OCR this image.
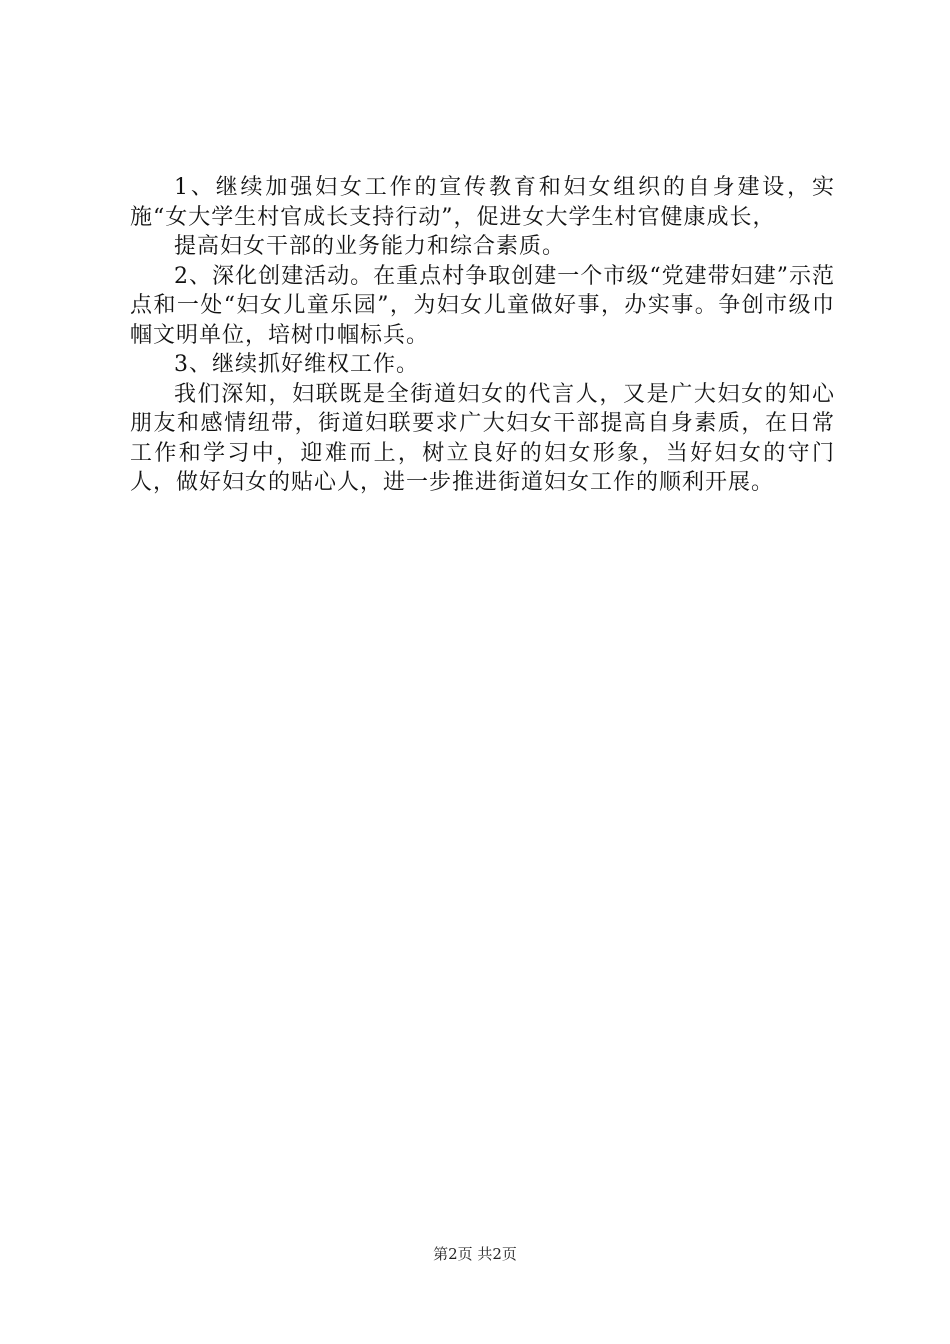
1、继续加强妇女工作的宣传教育和妇女组织的自身建设，实施“女大学生村官成长支持行动”，促进女大学生村官健康成长，

提高妇女干部的业务能力和综合素质。

2、深化创建活动。在重点村争取创建一个市级“党建带妇建”示范点和一处“妇女儿童乐园”，为妇女儿童做好事，办实事。争创市级巾帼文明单位，培树巾帼标兵。

3、继续抓好维权工作。

我们深知，妇联既是全街道妇女的代言人，又是广大妇女的知心朋友和感情纽带，街道妇联要求广大妇女干部提高自身素质，在日常工作和学习中，迎难而上，树立良好的妇女形象，当好妇女的守门人，做好妇女的贴心人，进一步推进街道妇女工作的顺利开展。

第2页 共2页
